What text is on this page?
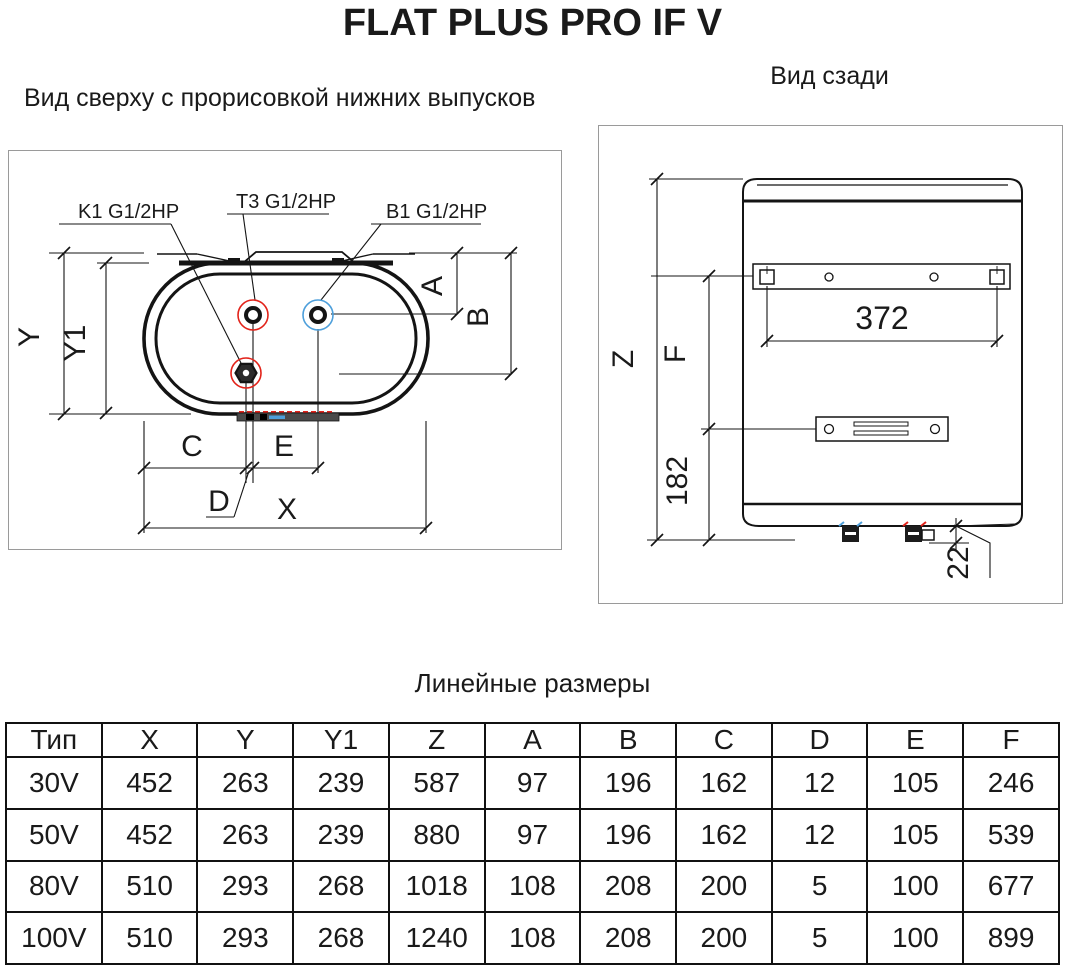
FLAT PLUS PRO IF V
Вид сверху с прорисовкой нижних выпусков
Вид сзади
K1 G1/2HP	T3 G1/2HP B1 G1/2HP
Y Y1
A
B
C E
D X
Z F
182
372
22
Линейные размеры
Тип	X	Y	Y1	Z	A	B	C	D	E	F
30V	452	263	239	587	97	196	162	12	105	246
50V	452	263	239	880	97	196	162	12	105	539
80V	510	293	268	1018	108	208	200	5	100	677
100V	510	293	268	1240	108	208	200	5	100	899
